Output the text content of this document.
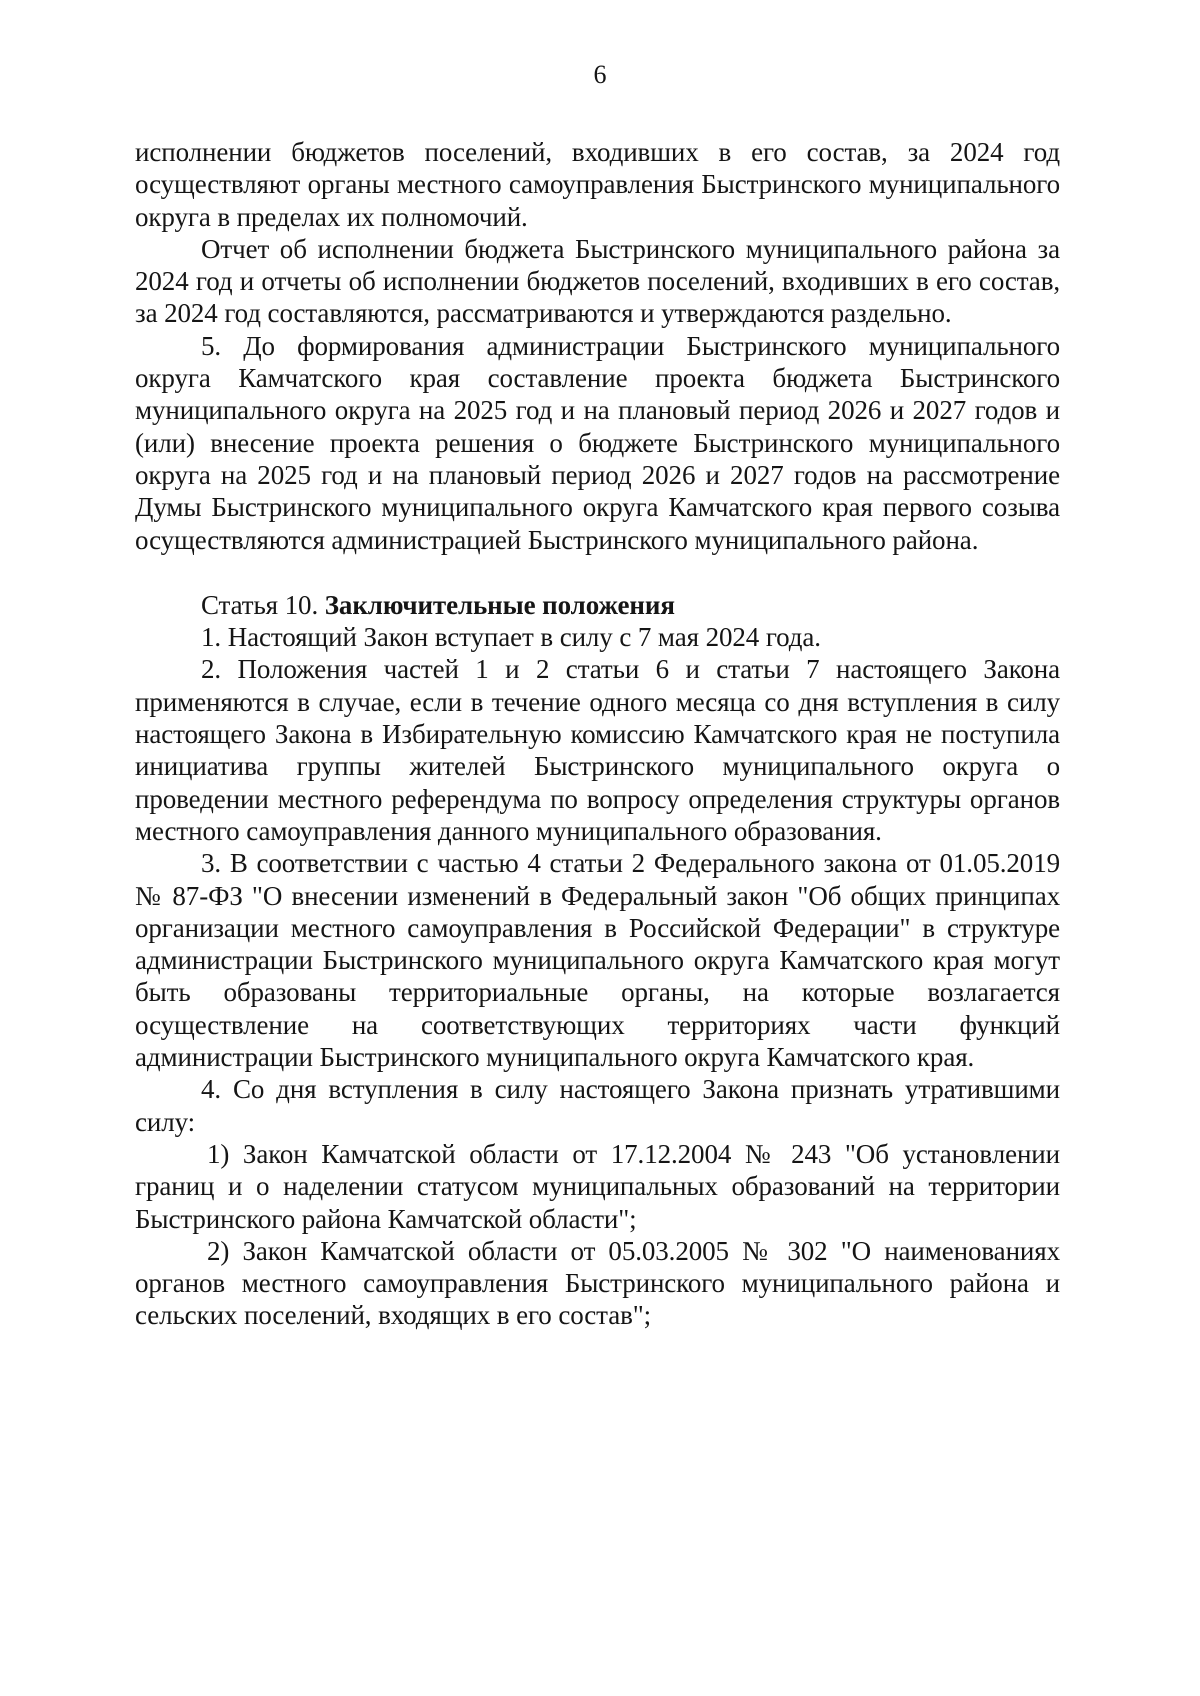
6

исполнении бюджетов поселений, входивших в его состав, за 2024 год осуществляют органы местного самоуправления Быстринского муниципального округа в пределах их полномочий.

Отчет об исполнении бюджета Быстринского муниципального района за 2024 год и отчеты об исполнении бюджетов поселений, входивших в его состав, за 2024 год составляются, рассматриваются и утверждаются раздельно.

5. До формирования администрации Быстринского муниципального округа Камчатского края составление проекта бюджета Быстринского муниципального округа на 2025 год и на плановый период 2026 и 2027 годов и (или) внесение проекта решения о бюджете Быстринского муниципального округа на 2025 год и на плановый период 2026 и 2027 годов на рассмотрение Думы Быстринского муниципального округа Камчатского края первого созыва осуществляются администрацией Быстринского муниципального района.

Статья 10. Заключительные положения

1. Настоящий Закон вступает в силу с 7 мая 2024 года.

2. Положения частей 1 и 2 статьи 6 и статьи 7 настоящего Закона применяются в случае, если в течение одного месяца со дня вступления в силу настоящего Закона в Избирательную комиссию Камчатского края не поступила инициатива группы жителей Быстринского муниципального округа о проведении местного референдума по вопросу определения структуры органов местного самоуправления данного муниципального образования.

3. В соответствии с частью 4 статьи 2 Федерального закона от 01.05.2019 № 87-ФЗ "О внесении изменений в Федеральный закон "Об общих принципах организации местного самоуправления в Российской Федерации" в структуре администрации Быстринского муниципального округа Камчатского края могут быть образованы территориальные органы, на которые возлагается осуществление на соответствующих территориях части функций администрации Быстринского муниципального округа Камчатского края.

4. Со дня вступления в силу настоящего Закона признать утратившими силу:

1) Закон Камчатской области от 17.12.2004 № 243 "Об установлении границ и о наделении статусом муниципальных образований на территории Быстринского района Камчатской области";

2) Закон Камчатской области от 05.03.2005 № 302 "О наименованиях органов местного самоуправления Быстринского муниципального района и сельских поселений, входящих в его состав";
